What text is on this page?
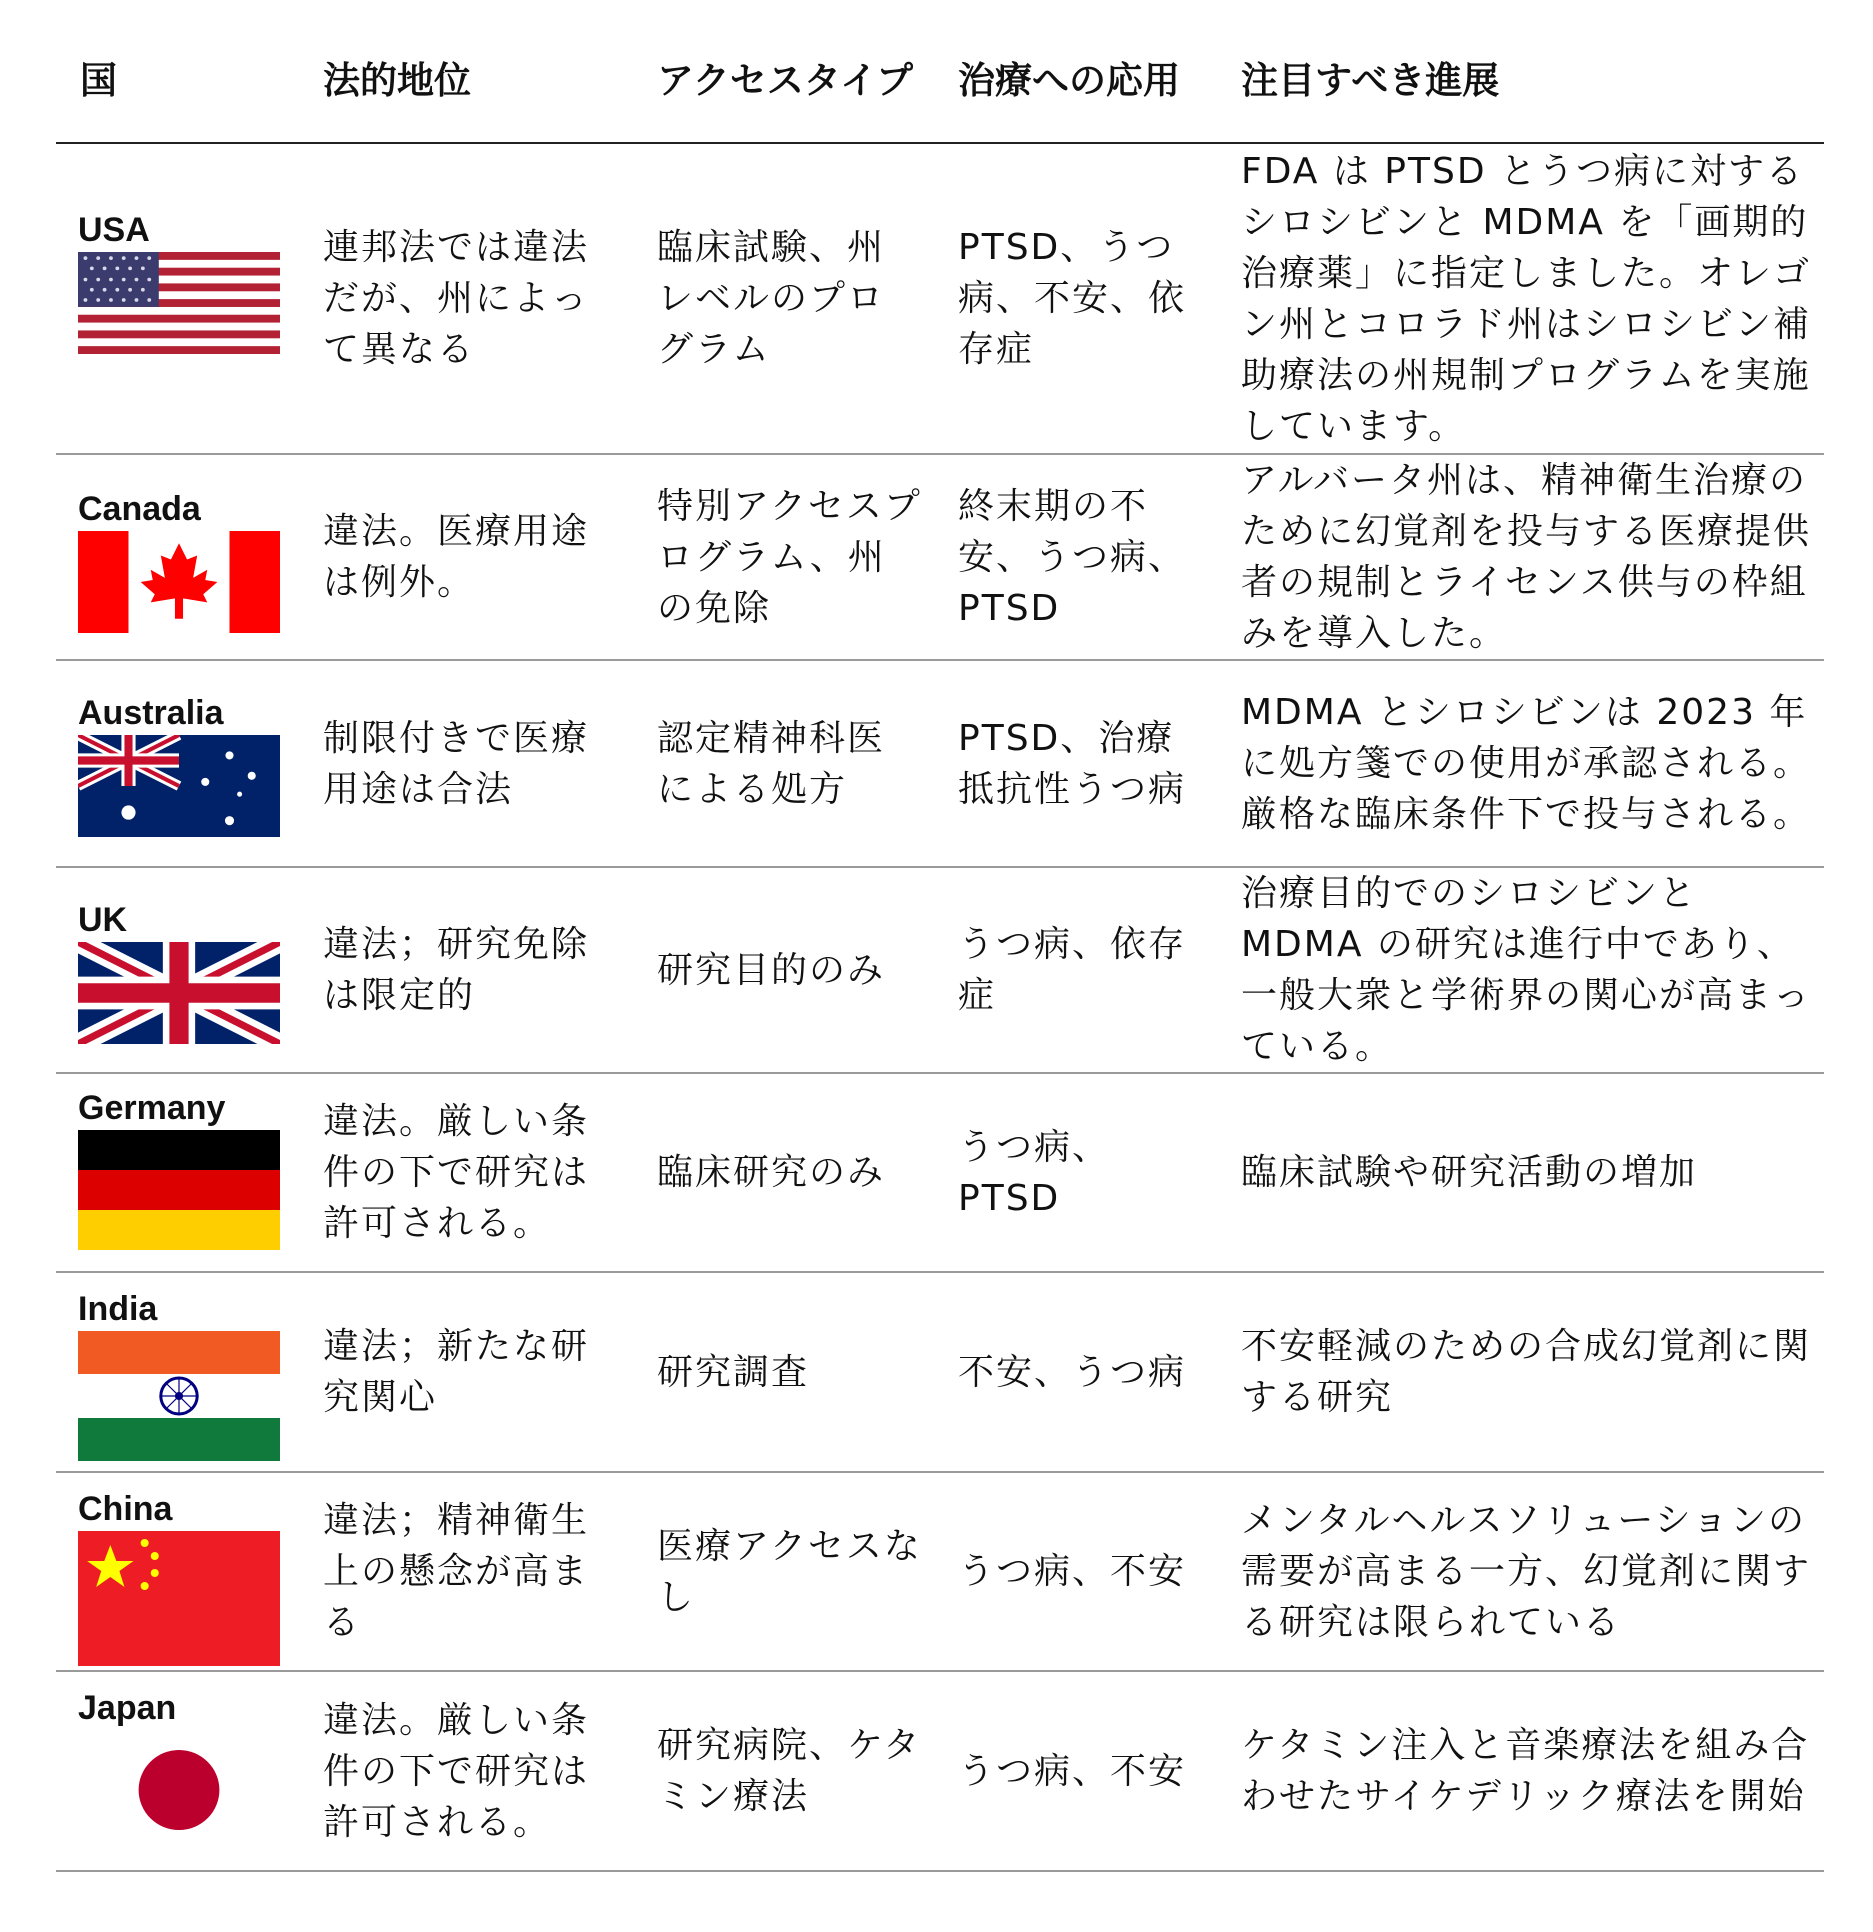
国	法的地位	アクセスタイプ	治療への応用	注目すべき進展

USA	連邦法では違法だが、州によって異なる	臨床試験、州レベルのプログラム	PTSD、うつ病、不安、依存症	FDA は PTSD とうつ病に対するシロシビンと MDMA を「画期的治療薬」に指定しました。オレゴン州とコロラド州はシロシビン補助療法の州規制プログラムを実施しています。

Canada	違法。医療用途は例外。	特別アクセスプログラム、州の免除	終末期の不安、うつ病、PTSD	アルバータ州は、精神衛生治療のために幻覚剤を投与する医療提供者の規制とライセンス供与の枠組みを導入した。

Australia	制限付きで医療用途は合法	認定精神科医による処方	PTSD、治療抵抗性うつ病	MDMA とシロシビンは 2023 年に処方箋での使用が承認される。厳格な臨床条件下で投与される。

UK	違法；研究免除は限定的	研究目的のみ	うつ病、依存症	治療目的でのシロシビンと MDMA の研究は進行中であり、一般大衆と学術界の関心が高まっている。

Germany	違法。厳しい条件の下で研究は許可される。	臨床研究のみ	うつ病、PTSD	臨床試験や研究活動の増加

India	違法；新たな研究関心	研究調査	不安、うつ病	不安軽減のための合成幻覚剤に関する研究

China	違法；精神衛生上の懸念が高まる	医療アクセスなし	うつ病、不安	メンタルヘルスソリューションの需要が高まる一方、幻覚剤に関する研究は限られている

Japan	違法。厳しい条件の下で研究は許可される。	研究病院、ケタミン療法	うつ病、不安	ケタミン注入と音楽療法を組み合わせたサイケデリック療法を開始
